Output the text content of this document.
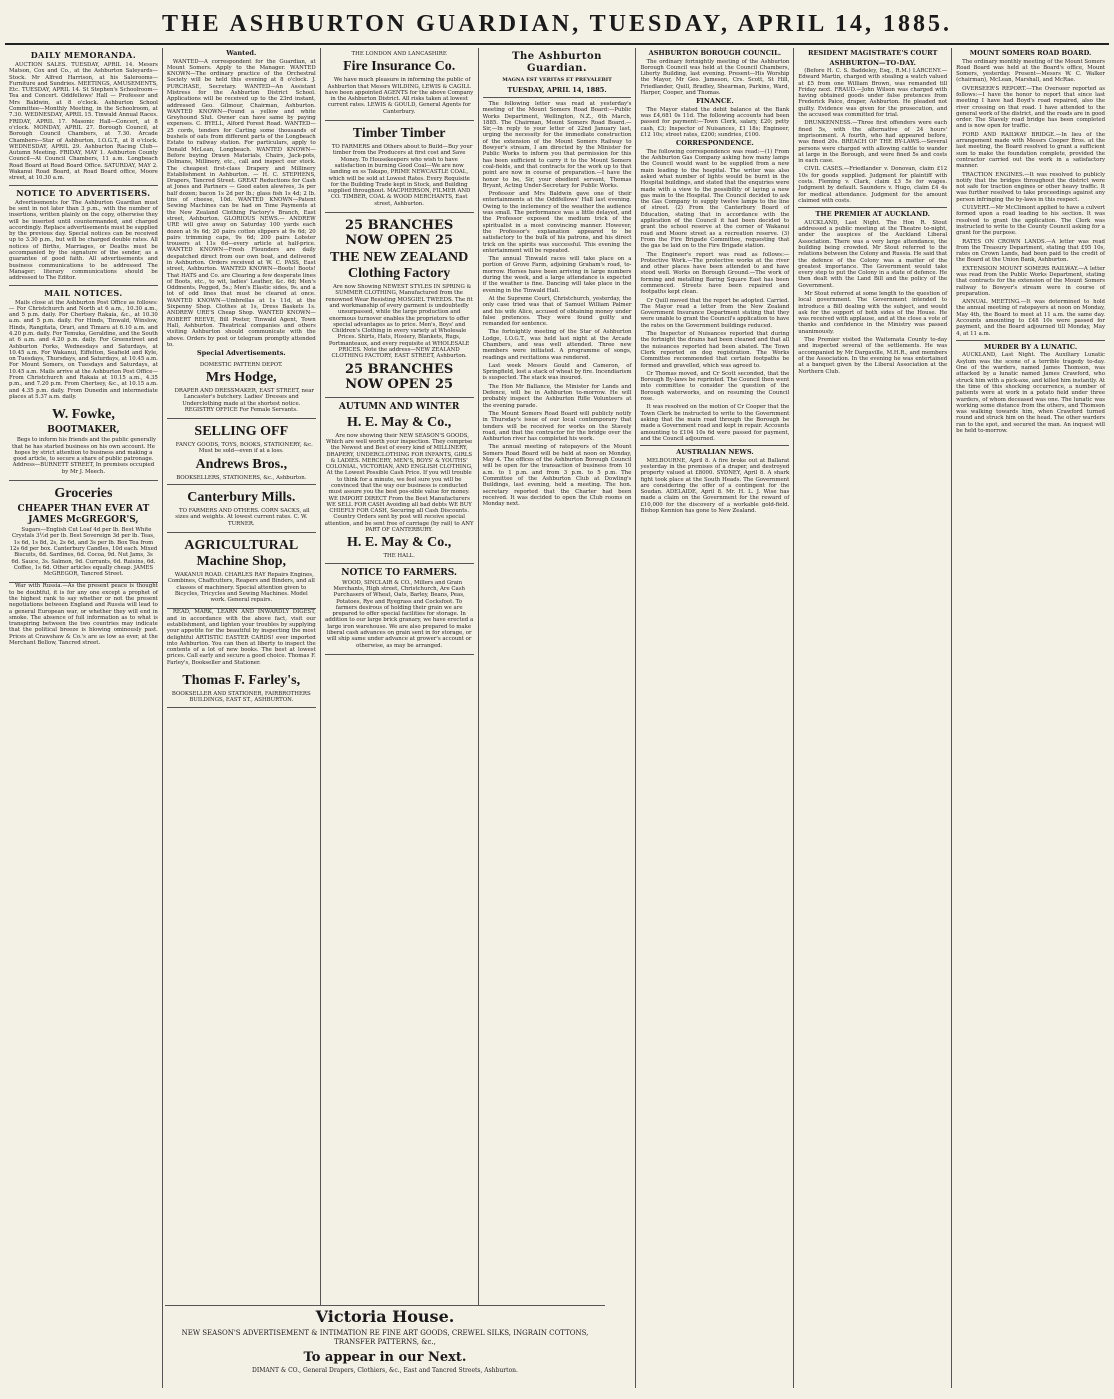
THE ASHBURTON GUARDIAN, TUESDAY, APRIL 14, 1885.
DAILY MEMORANDA.

AUCTION SALES. TUESDAY, APRIL 14. Messrs Matson, Cox and Co., at the Ashburton Saleyards—Stock. Mr Alfred Harrison, at his Salerooms—Furniture and Sundries. MEETINGS, AMUSEMENTS, Etc. TUESDAY, APRIL 14. St Stephen's Schoolroom—Tea and Concert. Oddfellows' Hall — Professor and Mrs Baldwin, at 8 o'clock. Ashburton School Committee—Monthly Meeting, in the Schoolroom, at 7.30. WEDNESDAY, APRIL 15. Tinwald Annual Races. FRIDAY, APRIL 17. Masonic Hall—Concert, at 8 o'clock. MONDAY, APRIL 27. Borough Council, at Borough Council Chambers, at 7.30. Arcade Chambers—Star of Ashburton, I.O.G.T., at 8 o'clock. WEDNESDAY, APRIL 29. Ashburton Racing Club—Autumn Meeting. FRIDAY, MAY 1. Ashburton County Council—At Council Chambers, 11 a.m. Longbeach Road Board at Road Board Office. SATURDAY, MAY 2. Wakanui Road Board, at Road Board office, Moore street, at 10.30 a.m.

NOTICE TO ADVERTISERS.

Advertisements for The Ashburton Guardian must be sent in not later than 3 p.m., with the number of insertions, written plainly on the copy, otherwise they will be inserted until countermanded, and charged accordingly. Replace advertisements must be supplied by the previous day. Special notices can be received up to 3.30 p.m., but will be charged double rates. All notices of Births, Marriages, or Deaths must be accompanied by the signature of the sender, as a guarantee of good faith. All advertisements and business communications to be addressed The Manager; literary communications should be addressed to The Editor.

MAIL NOTICES.

Mails close at the Ashburton Post Office as follows:— For Christchurch and North at 6 a.m., 10.30 a.m., and 5 p.m. daily. For Chertsey Rakaia, &c., at 10.30 a.m. and 5 p.m. daily. For Hinds, Tinwald, Winslow, Hinds, Rangitata, Orari, and Timaru at 6.10 a.m. and 4.20 p.m. daily. For Temuka, Geraldine, and the South at 6 a.m. and 4.20 p.m. daily. For Greenstreet and Ashburton Forks, Wednesdays and Saturdays, at 10.45 a.m. For Wakanui, Eiffelton, Seafield and Kyle, on Tuesdays, Thursdays, and Saturdays, at 10.45 a.m. For Mount Somers, on Tuesdays and Saturdays, at 10.45 a.m. Mails arrive at the Ashburton Post Office— From Christchurch and Rakaia at 10.15 a.m., 4.35 p.m., and 7.20 p.m. From Chertsey, &c., at 10.15 a.m. and 4.35 p.m. daily. From Dunedin and intermediate places at 5.37 a.m. daily.

W. Fowke,
BOOTMAKER,

Begs to inform his friends and the public generally that he has started business on his own account. He hopes by strict attention to business and making a good article, to secure a share of public patronage. Address—BURNETT STREET, In premises occupied by Mr J. Meech.

Groceries
CHEAPER THAN EVER AT JAMES McGREGOR'S,

Sugars—English Cut Loaf 4d per lb. Best White Crystals 3½d per lb. Best Sovereign 3d per lb. Teas, 1s 6d, 1s 8d, 2s, 2s 6d, and 3s per lb. Box Tea from 12s 6d per box. Canterbury Candles, 10d each. Mixed Biscuits, 6d. Sardines, 6d. Cocoa, 9d. Nut Jams, 3s 6d. Sauce, 3s. Salmon, 9d. Currants, 6d. Raisins, 6d. Coffee, 1s 6d. Other articles equally cheap. JAMES McGREGOR, Tancred Street.

War with Russia.—As the present peace is thought to be doubtful, it is for any one except a prophet of the highest rank to say whether or not the present negotiations between England and Russia will lead to a general European war, or whether they will end in smoke. The absence of full information as to what is transpiring between the two countries may indicate that the political breeze is blowing ominously past. Prices at Crawshaw & Co.'s are as low as ever, at the Merchant Bellow, Tancred street.

Wanted.

WANTED—A correspondent for the Guardian, at Mount Somers. Apply to the Manager. WANTED KNOWN—The ordinary practice of the Orchestral Society will be held this evening at 8 o'clock. J. PURCHASE, Secretary. WANTED—An Assistant Mistress for the Ashburton District School. Applications will be received up to the 23rd instant, addressed Geo. Gilmour, Chairman, Ashburton. WANTED KNOWN—Found a yellow and white Greyhound Slut. Owner can have same by paying expenses. C. BYELL, Alford Forest Road. WANTED—25 cords, tenders for Carting some thousands of bushels of oats from different parts of the Longbeach Estate to railway station. For particulars, apply to Donald McLean, Longbeach. WANTED KNOWN—Before buying Drawn Materials, Chairs, Jack-pots, Dolmans, Millinery, etc., call and inspect our stock. The cheapest first-class Drapery and Millinery Establishment in Ashburton. — H. C. STEPHENS, Drapers, Tancred Street. GREAT Reductions for Cash at Jones and Partners — Good eaten alewives, 3s per half dozen; bacon 1s 2d per lb.; glass fish 1s 4d; 2 lb. tins of cheese, 10d. WANTED KNOWN—Patent Sewing Machines can be had on Time Payments at the New Zealand Clothing Factory's Branch, East street, Ashburton. GLORIOUS NEWS.— ANDREW URE will give away on Saturday 100 yards each dozen at 9s 6d; 20 pairs cotton slippers at 9s 6d; 20 pairs trimming caps, 9s 6d; 200 pairs Lobster trousers at 11s 6d—every article at half-price. WANTED KNOWN—Fresh Flounders are daily despatched direct from our own boat, and delivered in Ashburton. Orders received at W. C. PASS, East street, Ashburton. WANTED KNOWN—Boots! Boots! That HATS and Co. are Clearing a few desperate lines of Boots, etc., to wit, ladies' Leather, &c. 6d; Men's Oddments, Pegged, 5s.; Men's Elastic sides, 9s. and a lot of odd lines that must be cleared at once. WANTED KNOWN—Umbrellas at 1s 11d, at the Sixpenny Shop. Clothes at 1s, Dress Baskets 1s. ANDREW URE'S Cheap Shop. WANTED KNOWN—ROBERT REEVE, Bill Poster, Tinwald Agent, Town Hall, Ashburton. Theatrical companies and others visiting Ashburton should communicate with the above. Orders by post or telegram promptly attended to.

Special Advertisements.
DOMESTIC PATTERN DEPOT.
Mrs Hodge,

DRAPER AND DRESSMAKER, EAST STREET, near Lancaster's butchery. Ladies' Dresses and Underclothing made at the shortest notice. REGISTRY OFFICE For Female Servants.

SELLING OFF

FANCY GOODS, TOYS, BOOKS, STATIONERY, &c. Must be sold—even if at a loss.

Andrews Bros.,
BOOKSELLERS, STATIONERS, &c., Ashburton.
Canterbury Mills.

TO FARMERS AND OTHERS. CORN SACKS, all sizes and weights. At lowest current rates. C. W. TURNER.

AGRICULTURAL Machine Shop,

WAKANUI ROAD. CHARLES RAY Repairs Engines, Combines, Chaffcutters, Reapers and Binders, and all classes of machinery. Special attention given to Bicycles, Tricycles and Sewing Machines. Model work. General repairs.

READ, MARK, LEARN AND INWARDLY DIGEST, and in accordance with the above fact, visit our establishment, and lighten your troubles by supplying your appetite for the beautiful by inspecting the most delightful ARTISTIC EASTER CARDS! ever imported into Ashburton. You can then at liberty to inspect the contents of a lot of new books. The best at lowest prices. Call early and secure a good choice. Thomas F. Farley's, Bookseller and Stationer.

Thomas F. Farley's,
BOOKSELLER AND STATIONER, FAIRBROTHERS BUILDINGS, EAST ST., ASHBURTON.
THE LONDON AND LANCASHIRE
Fire Insurance Co.

We have much pleasure in informing the public of Ashburton that Messrs WILDING, LEWIS & CAGILL have been appointed AGENTS for the above Company in the Ashburton District. All risks taken at lowest current rates. LEWIS & GOULD, General Agents for Canterbury.

Timber Timber

TO FARMERS and Others about to Build—Buy your timber from the Producers at first cost and Save Money. To Housekeepers who wish to have satisfaction in burning Good Coal—We are now landing ex ss Takapo, PRIME NEWCASTLE COAL, which will be sold at Lowest Rates. Every Requisite for the Building Trade kept in Stock, and Building supplied throughout. MACPHERSON, FILMER AND CO. TIMBER, COAL & WOOD MERCHANTS, East street, Ashburton.

25 BRANCHES NOW OPEN 25
THE NEW ZEALAND Clothing Factory

Are now Showing NEWEST STYLES IN SPRING & SUMMER CLOTHING, Manufactured from the renowned Wear Resisting MOSGIEL TWEEDS. The fit and workmanship of every garment is undoubtedly unsurpassed, while the large production and enormous turnover enables the proprietors to offer special advantages as to price. Men's, Boys' and Children's Clothing in every variety at Wholesale Prices. Shirts, Hats, Hosiery, Blankets, Rugs, Portmanteaux, and every requisite at WHOLESALE PRICES. Note the address—NEW ZEALAND CLOTHING FACTORY, EAST STREET, Ashburton.

25 BRANCHES NOW OPEN 25
AUTUMN AND WINTER
H. E. May & Co.,

Are now showing their NEW SEASON'S GOODS, Which are well worth your inspection. They comprise the Newest and Best of every kind of MILLINERY, DRAPERY, UNDERCLOTHING FOR INFANTS, GIRLS & LADIES. MERCERY, MEN'S, BOYS' & YOUTHS' COLONIAL, VICTORIAN, AND ENGLISH CLOTHING, At the Lowest Possible Cash Price. If you will trouble to think for a minute, we feel sure you will be convinced that the way our business is conducted must assure you the best pos-sible value for money. WE IMPORT DIRECT From the Best Manufacturers WE SELL FOR CASH Avoiding all bad debts WE BUY CHIEFLY FOR CASH, Securing all Cash Discounts. Country Orders sent by post will receive special attention, and be sent free of carriage (by rail) to ANY PART OF CANTERBURY.

H. E. May & Co.,
THE HALL.
NOTICE TO FARMERS.

WOOD, SINCLAIR & CO., Millers and Grain Merchants, High street, Christchurch, Are Cash Purchasers of Wheat, Oats, Barley, Beans, Peas, Potatoes, Rye and Ryegrass and Cocksfoot. To farmers desirous of holding their grain we are prepared to offer special facilities for storage. In addition to our large brick granary, we have erected a large iron warehouse. We are also prepared to make liberal cash advances on grain sent in for storage, or will ship same under advance at grower's account or otherwise, as may be arranged.

The Ashburton Guardian.
MAGNA EST VERITAS ET PREVALEBIT
TUESDAY, APRIL 14, 1885.

The following letter was read at yesterday's meeting of the Mount Somers Road Board:—Public Works Department, Wellington, N.Z., 6th March, 1885. The Chairman, Mount Somers Road Board.—Sir,—In reply to your letter of 22nd January last, urging the necessity for the immediate construction of the extension of the Mount Somers Railway to Bowyer's stream, I am directed by the Minister for Public Works to inform you that permission for this has been sufficient to carry it to the Mount Somers coal-fields, and that contracts for the work up to that point are now in course of preparation.—I have the honor to be, Sir, your obedient servant, Thomas Bryant, Acting Under-Secretary for Public Works.

Professor and Mrs Baldwin gave one of their entertainments at the Oddfellows' Hall last evening. Owing to the inclemency of the weather the audience was small. The performance was a little delayed, and the Professor exposed the medium trick of the spiritualist in a most convincing manner. However, the Professor's explanation appeared to be satisfactory to the bulk of his patrons, and his direct trick on the spirits was successful. This evening the entertainment will be repeated.

The annual Tinwald races will take place on a portion of Grove Farm, adjoining Graham's road, to-morrow. Horses have been arriving in large numbers during the week, and a large attendance is expected if the weather is fine. Dancing will take place in the evening in the Tinwald Hall.

At the Supreme Court, Christchurch, yesterday, the only case tried was that of Samuel William Palmer and his wife Alice, accused of obtaining money under false pretences. They were found guilty and remanded for sentence.

The fortnightly meeting of the Star of Ashburton Lodge, I.O.G.T., was held last night at the Arcade Chambers, and was well attended. Three new members were initiated. A programme of songs, readings and recitations was rendered.

Last week Messrs Gould and Cameron, of Springfield, lost a stack of wheat by fire. Incendiarism is suspected. The stack was insured.

The Hon Mr Ballance, the Minister for Lands and Defence, will be in Ashburton to-morrow. He will probably inspect the Ashburton Rifle Volunteers at the evening parade.

The Mount Somers Road Board will publicly notify in Thursday's issue of our local contemporary that tenders will be received for works on the Stavely road, and that the contractor for the bridge over the Ashburton river has completed his work.

The annual meeting of ratepayers of the Mount Somers Road Board will be held at noon on Monday, May 4. The offices of the Ashburton Borough Council will be open for the transaction of business from 10 a.m. to 1 p.m. and from 3 p.m. to 5 p.m. The Committee of the Ashburton Club at Dowling's Buildings, last evening, held a meeting. The hon. secretary reported that the Charter had been received. It was decided to open the Club rooms on Monday next.

ASHBURTON BOROUGH COUNCIL.

The ordinary fortnightly meeting of the Ashburton Borough Council was held at the Council Chambers, Liberty Building, last evening. Present—His Worship the Mayor, Mr Geo. Jameson, Crs. Scott, St Hill, Friedlander, Quill, Bradley, Shearman, Parkins, Ward, Harper, Cooper, and Thomas.

FINANCE.

The Mayor stated the debit balance at the Bank was £4,681 0s 11d. The following accounts had been passed for payment:—Town Clerk, salary, £20; petty cash, £3; Inspector of Nuisances, £1 18s; Engineer, £12 10s; street rates, £200; sundries, £100.

CORRESPONDENCE.

The following correspondence was read:—(1) From the Ashburton Gas Company asking how many lamps the Council would want to be supplied from a new main leading to the hospital. The writer was also asked what number of lights would be burnt in the Hospital buildings, and stated that the enquiries were made with a view to the possibility of laying a new gas main to the Hospital. The Council decided to ask the Gas Company to supply twelve lamps to the line of street. (2) From the Canterbury Board of Education, stating that in accordance with the application of the Council it had been decided to grant the school reserve at the corner of Wakanui road and Moore street as a recreation reserve. (3) From the Fire Brigade Committee, requesting that the gas be laid on to the Fire Brigade station.

The Engineer's report was read as follows:—Protective Work.—The protective works at the river and other places have been attended to and have stood well. Works on Borough Ground.—The work of forming and metalling Baring Square East has been commenced. Streets have been repaired and footpaths kept clean.

Cr Quill moved that the report be adopted. Carried. The Mayor read a letter from the New Zealand Government Insurance Department stating that they were unable to grant the Council's application to have the rates on the Government buildings reduced.

The Inspector of Nuisances reported that during the fortnight the drains had been cleaned and that all the nuisances reported had been abated. The Town Clerk reported on dog registration. The Works Committee recommended that certain footpaths be formed and gravelled, which was agreed to.

Cr Thomas moved, and Cr Scott seconded, that the Borough By-laws be reprinted. The Council then went into committee to consider the question of the Borough waterworks, and on resuming the Council rose.

It was resolved on the motion of Cr Cooper that the Town Clerk be instructed to write to the Government asking that the main road through the Borough be made a Government road and kept in repair. Accounts amounting to £104 10s 6d were passed for payment, and the Council adjourned.

AUSTRALIAN NEWS.

MELBOURNE, April 8. A fire broke out at Ballarat yesterday in the premises of a draper, and destroyed property valued at £8000. SYDNEY, April 8. A shark fight took place at the South Heads. The Government are considering the offer of a contingent for the Soudan. ADELAIDE, April 8. Mr. H. L. J. Wise has made a claim on the Government for the reward of £10,000 for the discovery of a workable gold-field. Bishop Kennion has gone to New Zealand.

RESIDENT MAGISTRATE'S COURT
ASHBURTON—TO-DAY.

(Before H. C. S. Baddeley, Esq., R.M.) LARCENY.—Edward Martin, charged with stealing a watch valued at £5 from one William Brown, was remanded till Friday next. FRAUD.—John Wilson was charged with having obtained goods under false pretences from Frederick Paice, draper, Ashburton. He pleaded not guilty. Evidence was given for the prosecution, and the accused was committed for trial.

DRUNKENNESS.—Three first offenders were each fined 5s, with the alternative of 24 hours' imprisonment. A fourth, who had appeared before, was fined 20s. BREACH OF THE BY-LAWS.—Several persons were charged with allowing cattle to wander at large in the Borough, and were fined 5s and costs in each case.

CIVIL CASES.—Friedlander v. Donovan, claim £12 10s for goods supplied. Judgment for plaintiff with costs. Fleming v. Clark, claim £3 5s for wages. Judgment by default. Saunders v. Hugo, claim £4 4s for medical attendance. Judgment for the amount claimed with costs.

THE PREMIER AT AUCKLAND.

AUCKLAND, Last Night. The Hon R. Stout addressed a public meeting at the Theatre to-night, under the auspices of the Auckland Liberal Association. There was a very large attendance, the building being crowded. Mr Stout referred to the relations between the Colony and Russia. He said that the defence of the Colony was a matter of the greatest importance. The Government would take every step to put the Colony in a state of defence. He then dealt with the Land Bill and the policy of the Government.

Mr Stout referred at some length to the question of local government. The Government intended to introduce a Bill dealing with the subject, and would ask for the support of both sides of the House. He was received with applause, and at the close a vote of thanks and confidence in the Ministry was passed unanimously.

The Premier visited the Waitemata County to-day and inspected several of the settlements. He was accompanied by Mr Dargaville, M.H.R., and members of the Association. In the evening he was entertained at a banquet given by the Liberal Association at the Northern Club.

MOUNT SOMERS ROAD BOARD.

The ordinary monthly meeting of the Mount Somers Road Board was held at the Board's office, Mount Somers, yesterday. Present—Messrs W. C. Walker (chairman), McLean, Marshall, and McRae.

OVERSEER'S REPORT.—The Overseer reported as follows:—I have the honor to report that since last meeting I have had Boyd's road repaired, also the river crossing on that road. I have attended to the general work of the district, and the roads are in good order. The Stavely road bridge has been completed and is now open for traffic.

FORD AND RAILWAY BRIDGE.—In lieu of the arrangement made with Messrs Cooper Bros. at the last meeting, the Board resolved to grant a sufficient sum to make the foundation complete, provided the contractor carried out the work in a satisfactory manner.

TRACTION ENGINES.—It was resolved to publicly notify that the bridges throughout the district were not safe for traction engines or other heavy traffic. It was further resolved to take proceedings against any person infringing the by-laws in this respect.

CULVERT.—Mr McClimont applied to have a culvert formed upon a road leading to his section. It was resolved to grant the application. The Clerk was instructed to write to the County Council asking for a grant for the purpose.

RATES ON CROWN LANDS.—A letter was read from the Treasury Department, stating that £95 10s, rates on Crown Lands, had been paid to the credit of the Board at the Union Bank, Ashburton.

EXTENSION MOUNT SOMERS RAILWAY.—A letter was read from the Public Works Department, stating that contracts for the extension of the Mount Somers railway to Bowyer's stream were in course of preparation.

ANNUAL MEETING.—It was determined to hold the annual meeting of ratepayers at noon on Monday, May 4th, the Board to meet at 11 a.m. the same day. Accounts amounting to £48 10s were passed for payment, and the Board adjourned till Monday, May 4, at 11 a.m.

MURDER BY A LUNATIC.

AUCKLAND, Last Night. The Auxiliary Lunatic Asylum was the scene of a terrible tragedy to-day. One of the warders, named James Thomson, was attacked by a lunatic named James Crawford, who struck him with a pick-axe, and killed him instantly. At the time of this shocking occurrence, a number of patients were at work in a potato field under three warders, of whom deceased was one. The lunatic was working some distance from the others, and Thomson was walking towards him, when Crawford turned round and struck him on the head. The other warders ran to the spot, and secured the man. An inquest will be held to-morrow.

Victoria House.
NEW SEASON'S ADVERTISEMENT & INTIMATION RE FINE ART GOODS, CREWEL SILKS, INGRAIN COTTONS, TRANSFER PATTERNS, &c.,
To appear in our Next.
DIMANT & CO., General Drapers, Clothiers, &c., East and Tancred Streets, Ashburton.
